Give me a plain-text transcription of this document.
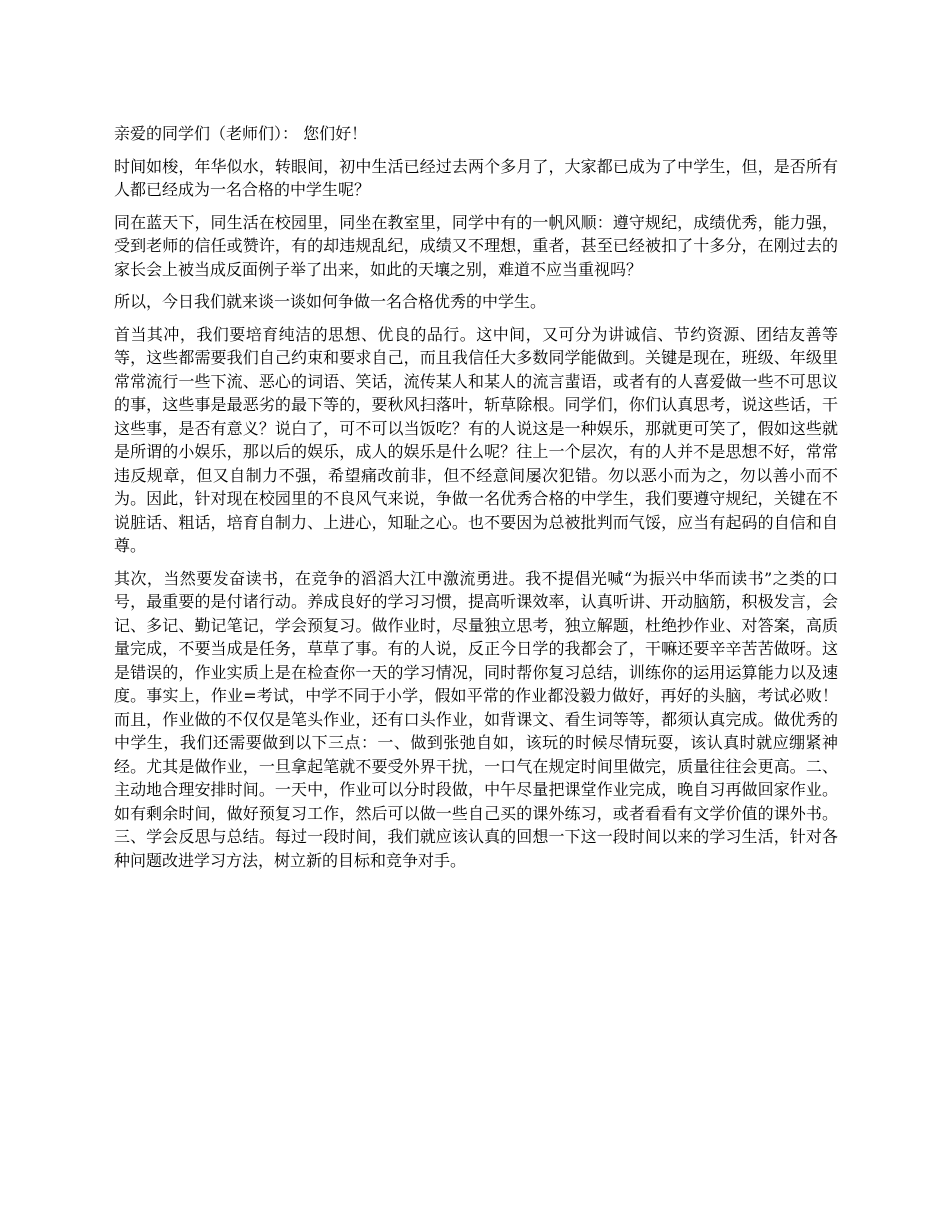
亲爱的同学们（老师们）： 您们好！

时间如梭，年华似水，转眼间，初中生活已经过去两个多月了，大家都已成为了中学生，但，是否所有人都已经成为一名合格的中学生呢？

同在蓝天下，同生活在校园里，同坐在教室里，同学中有的一帆风顺：遵守规纪，成绩优秀，能力强，受到老师的信任或赞许，有的却违规乱纪，成绩又不理想，重者，甚至已经被扣了十多分，在刚过去的家长会上被当成反面例子举了出来，如此的天壤之别，难道不应当重视吗？

所以，今日我们就来谈一谈如何争做一名合格优秀的中学生。

首当其冲，我们要培育纯洁的思想、优良的品行。这中间，又可分为讲诚信、节约资源、团结友善等等，这些都需要我们自己约束和要求自己，而且我信任大多数同学能做到。关键是现在，班级、年级里常常流行一些下流、恶心的词语、笑话，流传某人和某人的流言蜚语，或者有的人喜爱做一些不可思议的事，这些事是最恶劣的最下等的，要秋风扫落叶，斩草除根。同学们，你们认真思考，说这些话，干这些事，是否有意义？说白了，可不可以当饭吃？有的人说这是一种娱乐，那就更可笑了，假如这些就是所谓的小娱乐，那以后的娱乐，成人的娱乐是什么呢？往上一个层次，有的人并不是思想不好，常常违反规章，但又自制力不强，希望痛改前非，但不经意间屡次犯错。勿以恶小而为之，勿以善小而不为。因此，针对现在校园里的不良风气来说，争做一名优秀合格的中学生，我们要遵守规纪，关键在不说脏话、粗话，培育自制力、上进心，知耻之心。也不要因为总被批判而气馁，应当有起码的自信和自尊。

其次，当然要发奋读书，在竞争的滔滔大江中激流勇进。我不提倡光喊“为振兴中华而读书”之类的口号，最重要的是付诸行动。养成良好的学习习惯，提高听课效率，认真听讲、开动脑筋，积极发言，会记、多记、勤记笔记，学会预复习。做作业时，尽量独立思考，独立解题，杜绝抄作业、对答案，高质量完成，不要当成是任务，草草了事。有的人说，反正今日学的我都会了，干嘛还要辛辛苦苦做呀。这是错误的，作业实质上是在检查你一天的学习情况，同时帮你复习总结，训练你的运用运算能力以及速度。事实上，作业=考试，中学不同于小学，假如平常的作业都没毅力做好，再好的头脑，考试必败！而且，作业做的不仅仅是笔头作业，还有口头作业，如背课文、看生词等等，都须认真完成。做优秀的中学生，我们还需要做到以下三点：一、做到张弛自如，该玩的时候尽情玩耍，该认真时就应绷紧神经。尤其是做作业，一旦拿起笔就不要受外界干扰，一口气在规定时间里做完，质量往往会更高。二、主动地合理安排时间。一天中，作业可以分时段做，中午尽量把课堂作业完成，晚自习再做回家作业。如有剩余时间，做好预复习工作，然后可以做一些自己买的课外练习，或者看看有文学价值的课外书。三、学会反思与总结。每过一段时间，我们就应该认真的回想一下这一段时间以来的学习生活，针对各种问题改进学习方法，树立新的目标和竞争对手。
